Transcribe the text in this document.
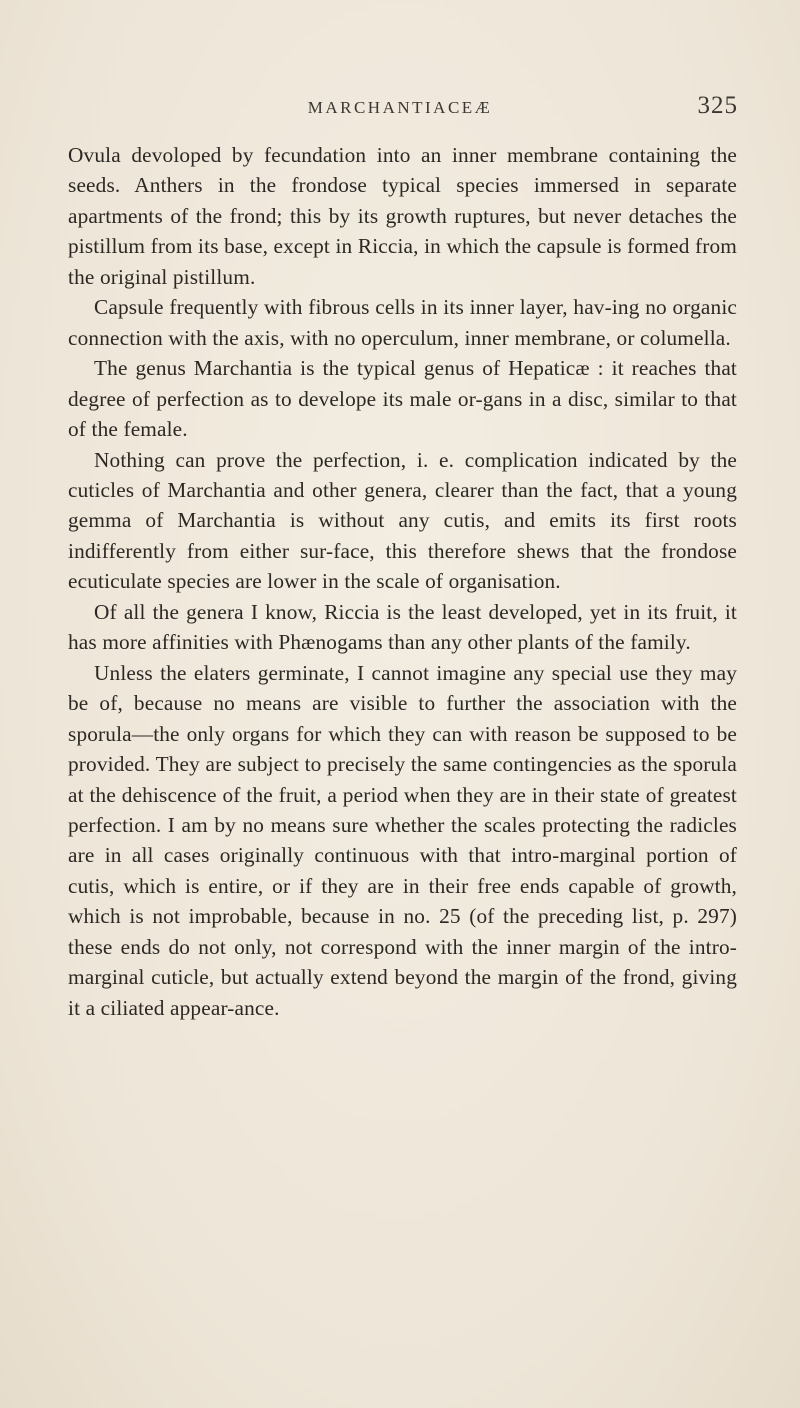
MARCHANTIACEÆ	325

Ovula devoloped by fecundation into an inner membrane containing the seeds. Anthers in the frondose typical species immersed in separate apartments of the frond; this by its growth ruptures, but never detaches the pistillum from its base, except in Riccia, in which the capsule is formed from the original pistillum.

Capsule frequently with fibrous cells in its inner layer, hav-ing no organic connection with the axis, with no operculum, inner membrane, or columella.

The genus Marchantia is the typical genus of Hepaticæ : it reaches that degree of perfection as to develope its male or-gans in a disc, similar to that of the female.

Nothing can prove the perfection, i. e. complication indicated by the cuticles of Marchantia and other genera, clearer than the fact, that a young gemma of Marchantia is without any cutis, and emits its first roots indifferently from either sur-face, this therefore shews that the frondose ecuticulate species are lower in the scale of organisation.

Of all the genera I know, Riccia is the least developed, yet in its fruit, it has more affinities with Phænogams than any other plants of the family.

Unless the elaters germinate, I cannot imagine any special use they may be of, because no means are visible to further the association with the sporula—the only organs for which they can with reason be supposed to be provided. They are subject to precisely the same contingencies as the sporula at the dehiscence of the fruit, a period when they are in their state of greatest perfection. I am by no means sure whether the scales protecting the radicles are in all cases originally continuous with that intro-marginal portion of cutis, which is entire, or if they are in their free ends capable of growth, which is not improbable, because in no. 25 (of the preceding list, p. 297) these ends do not only, not correspond with the inner margin of the intro-marginal cuticle, but actually extend beyond the margin of the frond, giving it a ciliated appear-ance.
